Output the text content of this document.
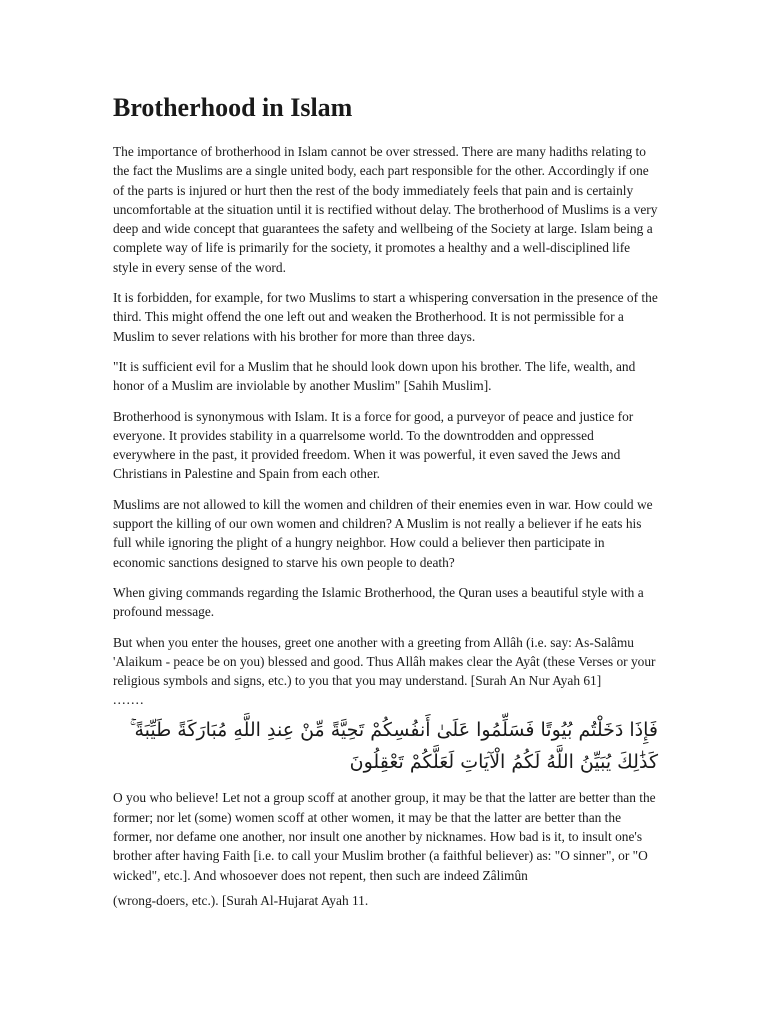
Brotherhood in Islam

The importance of brotherhood in Islam cannot be over stressed. There are many hadiths relating to the fact the Muslims are a single united body, each part responsible for the other. Accordingly if one of the parts is injured or hurt then the rest of the body immediately feels that pain and is certainly uncomfortable at the situation until it is rectified without delay. The brotherhood of Muslims is a very deep and wide concept that guarantees the safety and wellbeing of the Society at large. Islam being a complete way of life is primarily for the society, it promotes a healthy and a well-disciplined life style in every sense of the word.

It is forbidden, for example, for two Muslims to start a whispering conversation in the presence of the third. This might offend the one left out and weaken the Brotherhood. It is not permissible for a Muslim to sever relations with his brother for more than three days.

"It is sufficient evil for a Muslim that he should look down upon his brother. The life, wealth, and honor of a Muslim are inviolable by another Muslim" [Sahih Muslim].

Brotherhood is synonymous with Islam. It is a force for good, a purveyor of peace and justice for everyone. It provides stability in a quarrelsome world. To the downtrodden and oppressed everywhere in the past, it provided freedom. When it was powerful, it even saved the Jews and Christians in Palestine and Spain from each other.

Muslims are not allowed to kill the women and children of their enemies even in war. How could we support the killing of our own women and children? A Muslim is not really a believer if he eats his full while ignoring the plight of a hungry neighbor. How could a believer then participate in economic sanctions designed to starve his own people to death?

When giving commands regarding the Islamic Brotherhood, the Quran uses a beautiful style with a profound message.

But when you enter the houses, greet one another with a greeting from Allâh (i.e. say: As-Salâmu 'Alaikum - peace be on you) blessed and good. Thus Allâh makes clear the Ayât (these Verses or your religious symbols and signs, etc.) to you that you may understand. [Surah An Nur Ayah 61]

.......
فَإِذَا دَخَلْتُم بُيُوتًا فَسَلِّمُوا عَلَىٰ أَنفُسِكُمْ تَحِيَّةً مِّنْ عِندِ اللَّهِ مُبَارَكَةً طَيِّبَةً ۚ كَذَٰلِكَ يُبَيِّنُ اللَّهُ لَكُمُ الْآيَاتِ لَعَلَّكُمْ تَعْقِلُونَ

O you who believe! Let not a group scoff at another group, it may be that the latter are better than the former; nor let (some) women scoff at other women, it may be that the latter are better than the former, nor defame one another, nor insult one another by nicknames. How bad is it, to insult one's brother after having Faith [i.e. to call your Muslim brother (a faithful believer) as: "O sinner", or "O wicked", etc.]. And whosoever does not repent, then such are indeed Zâlimûn

(wrong-doers, etc.). [Surah Al-Hujarat Ayah 11.
